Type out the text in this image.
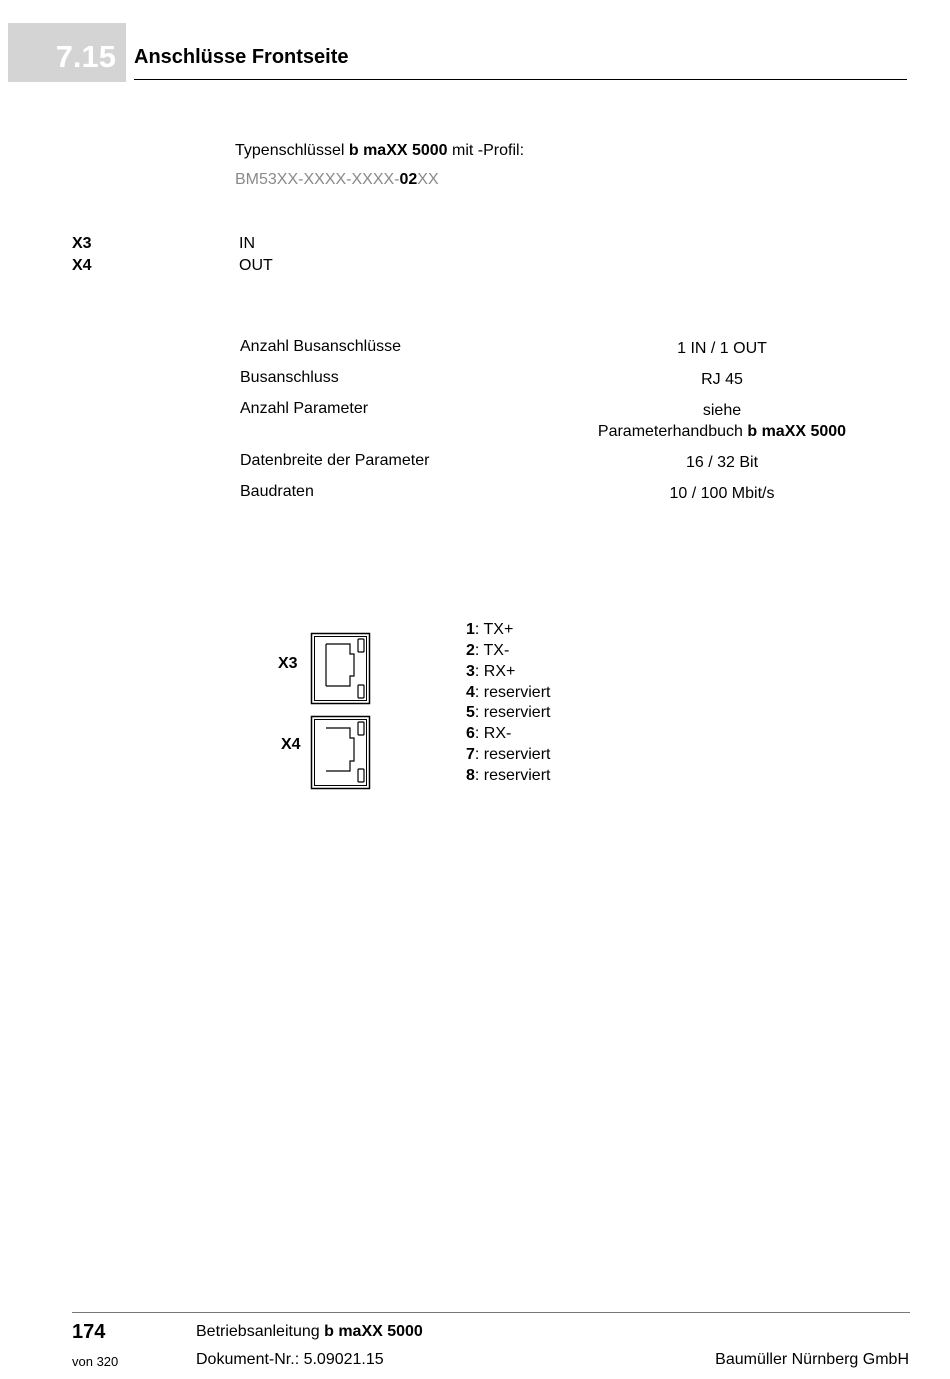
7.15 Anschlüsse Frontseite
Typenschlüssel b maXX 5000 mit -Profil:
BM53XX-XXXX-XXXX-02XX
X3	IN
X4	OUT
Anzahl Busanschlüsse	1 IN / 1 OUT
Busanschluss	RJ 45
Anzahl Parameter	siehe
Parameterhandbuch b maXX 5000
Datenbreite der Parameter	16 / 32 Bit
Baudraten	10 / 100 Mbit/s
X3
X4
1: TX+
2: TX-
3: RX+
4: reserviert
5: reserviert
6: RX-
7: reserviert
8: reserviert
174
von 320
Betriebsanleitung b maXX 5000
Dokument-Nr.: 5.09021.15	Baumüller Nürnberg GmbH
